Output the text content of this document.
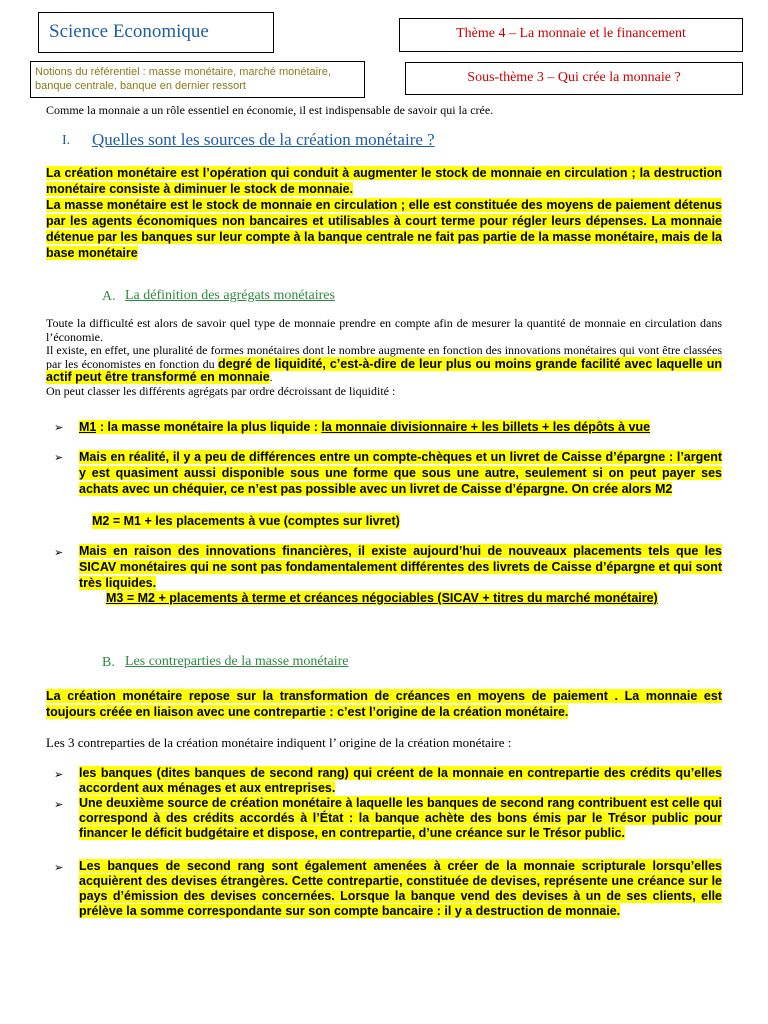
Science Economique	Thème 4 – La monnaie et le financement
Notions du référentiel : masse monétaire, marché monétaire, banque centrale, banque en dernier ressort
Sous-thème 3 – Qui crée la monnaie ?
Comme la monnaie a un rôle essentiel en économie, il est indispensable de savoir qui la crée.
I. Quelles sont les sources de la création monétaire ?
La création monétaire est l’opération qui conduit à augmenter le stock de monnaie en circulation ; la destruction monétaire consiste à diminuer le stock de monnaie.
La masse monétaire est le stock de monnaie en circulation ; elle est constituée des moyens de paiement détenus par les agents économiques non bancaires et utilisables à court terme pour régler leurs dépenses. La monnaie détenue par les banques sur leur compte à la banque centrale ne fait pas partie de la masse monétaire, mais de la base monétaire
A. La définition des agrégats monétaires
Toute la difficulté est alors de savoir quel type de monnaie prendre en compte afin de mesurer la quantité de monnaie en circulation dans l’économie.
Il existe, en effet, une pluralité de formes monétaires dont le nombre augmente en fonction des innovations monétaires qui vont être classées par les économistes en fonction du degré de liquidité, c’est-à-dire de leur plus ou moins grande facilité avec laquelle un actif peut être transformé en monnaie.
On peut classer les différents agrégats par ordre décroissant de liquidité :
➢ M1 : la masse monétaire la plus liquide : la monnaie divisionnaire + les billets + les dépôts à vue
➢ Mais en réalité, il y a peu de différences entre un compte-chèques et un livret de Caisse d’épargne : l’argent y est quasiment aussi disponible sous une forme que sous une autre, seulement si on peut payer ses achats avec un chéquier, ce n’est pas possible avec un livret de Caisse d’épargne. On crée alors M2
M2 = M1 + les placements à vue (comptes sur livret)
➢ Mais en raison des innovations financières, il existe aujourd’hui de nouveaux placements tels que les SICAV monétaires qui ne sont pas fondamentalement différentes des livrets de Caisse d’épargne et qui sont très liquides.
M3 = M2 + placements à terme et créances négociables (SICAV + titres du marché monétaire)
B. Les contreparties de la masse monétaire
La création monétaire repose sur la transformation de créances en moyens de paiement . La monnaie est toujours créée en liaison avec une contrepartie : c’est l’origine de la création monétaire.
Les 3 contreparties de la création monétaire indiquent l’ origine de la création monétaire :
➢ les banques (dites banques de second rang) qui créent de la monnaie en contrepartie des crédits qu’elles accordent aux ménages et aux entreprises.
➢ Une deuxième source de création monétaire à laquelle les banques de second rang contribuent est celle qui correspond à des crédits accordés à l’État : la banque achète des bons émis par le Trésor public pour financer le déficit budgétaire et dispose, en contrepartie, d’une créance sur le Trésor public.
➢ Les banques de second rang sont également amenées à créer de la monnaie scripturale lorsqu’elles acquièrent des devises étrangères. Cette contrepartie, constituée de devises, représente une créance sur le pays d’émission des devises concernées. Lorsque la banque vend des devises à un de ses clients, elle prélève la somme correspondante sur son compte bancaire : il y a destruction de monnaie.
